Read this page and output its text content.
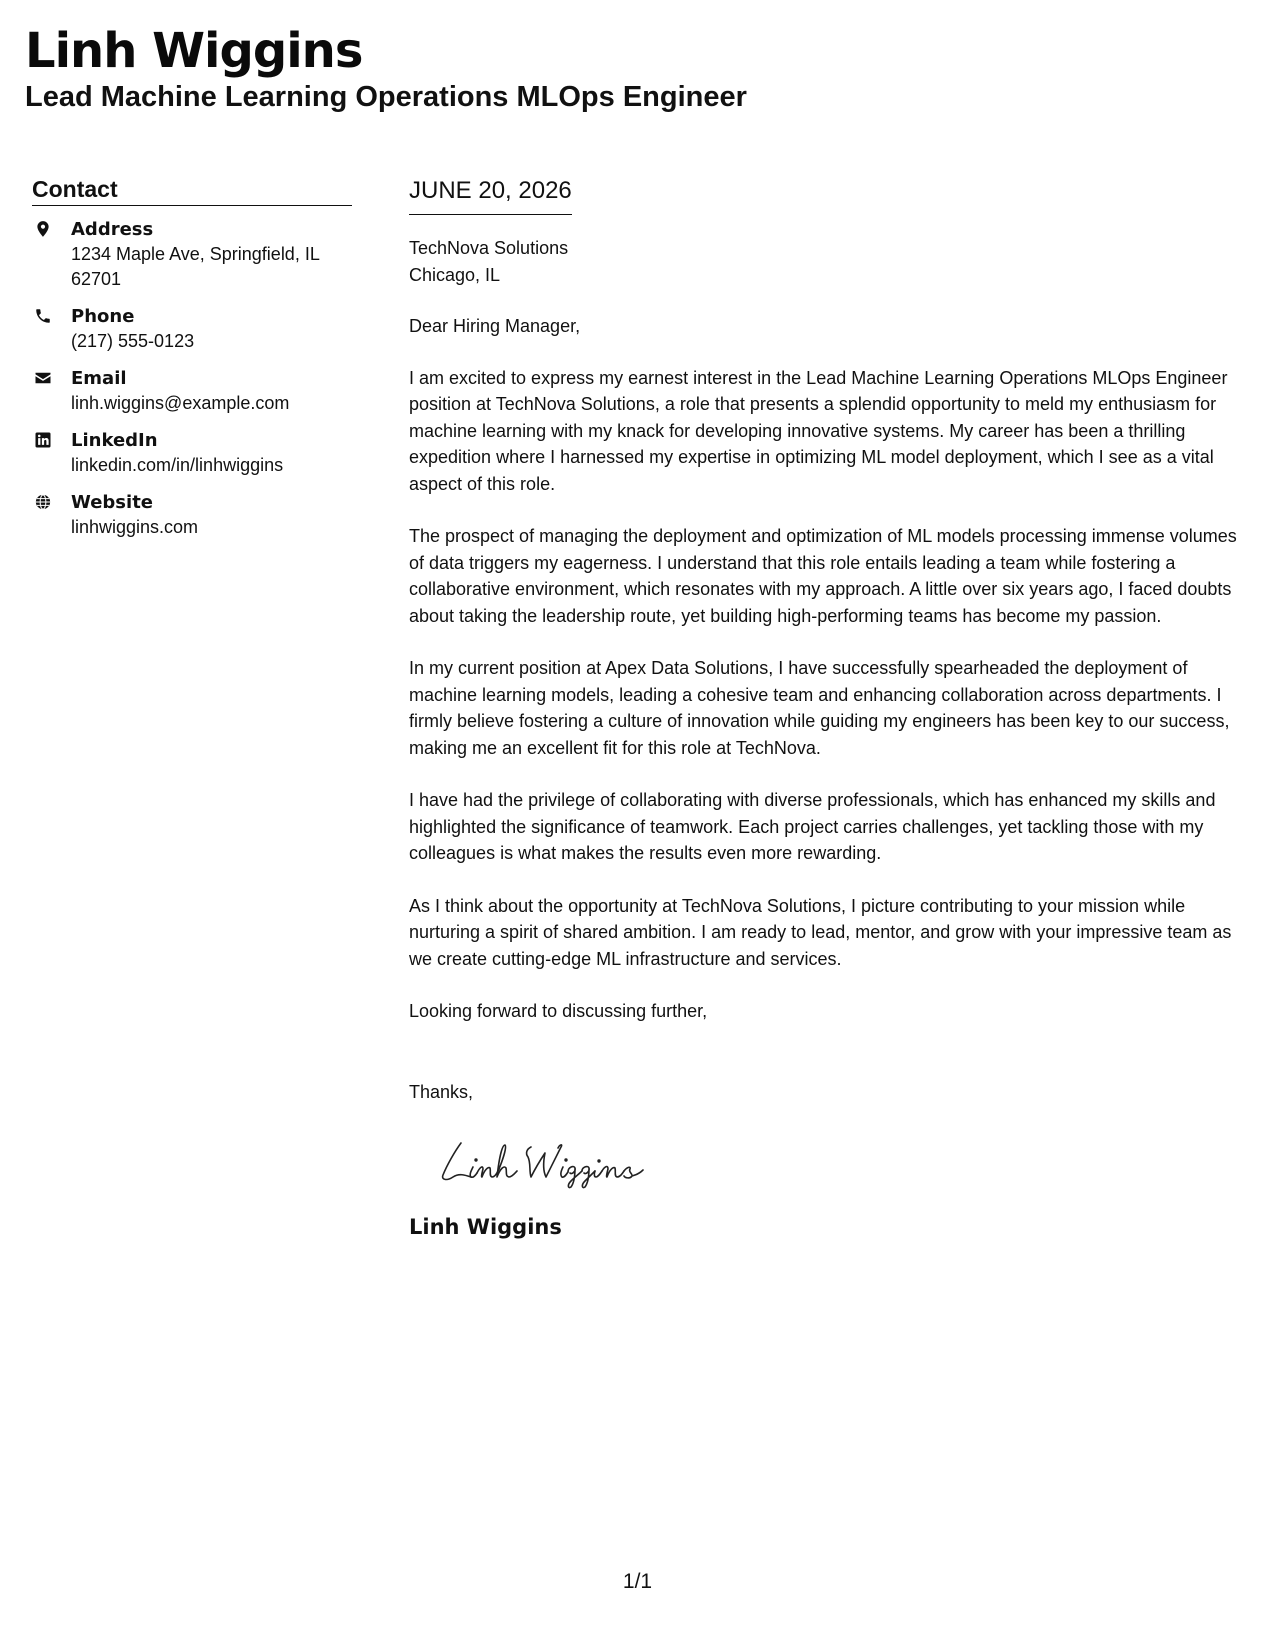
Linh Wiggins
Lead Machine Learning Operations MLOps Engineer
Contact
Address
1234 Maple Ave, Springfield, IL 62701
Phone
(217) 555-0123
Email
linh.wiggins@example.com
LinkedIn
linkedin.com/in/linhwiggins
Website
linhwiggins.com
JUNE 20, 2026

TechNova Solutions

Chicago, IL

Dear Hiring Manager,

I am excited to express my earnest interest in the Lead Machine Learning Operations MLOps Engineer position at TechNova Solutions, a role that presents a splendid opportunity to meld my enthusiasm for machine learning with my knack for developing innovative systems. My career has been a thrilling expedition where I harnessed my expertise in optimizing ML model deployment, which I see as a vital aspect of this role.

The prospect of managing the deployment and optimization of ML models processing immense volumes of data triggers my eagerness. I understand that this role entails leading a team while fostering a collaborative environment, which resonates with my approach. A little over six years ago, I faced doubts about taking the leadership route, yet building high-performing teams has become my passion.

In my current position at Apex Data Solutions, I have successfully spearheaded the deployment of machine learning models, leading a cohesive team and enhancing collaboration across departments. I firmly believe fostering a culture of innovation while guiding my engineers has been key to our success, making me an excellent fit for this role at TechNova.

I have had the privilege of collaborating with diverse professionals, which has enhanced my skills and highlighted the significance of teamwork. Each project carries challenges, yet tackling those with my colleagues is what makes the results even more rewarding.

As I think about the opportunity at TechNova Solutions, I picture contributing to your mission while nurturing a spirit of shared ambition. I am ready to lead, mentor, and grow with your impressive team as we create cutting-edge ML infrastructure and services.

Looking forward to discussing further,

Thanks,

Linh Wiggins
1/1
